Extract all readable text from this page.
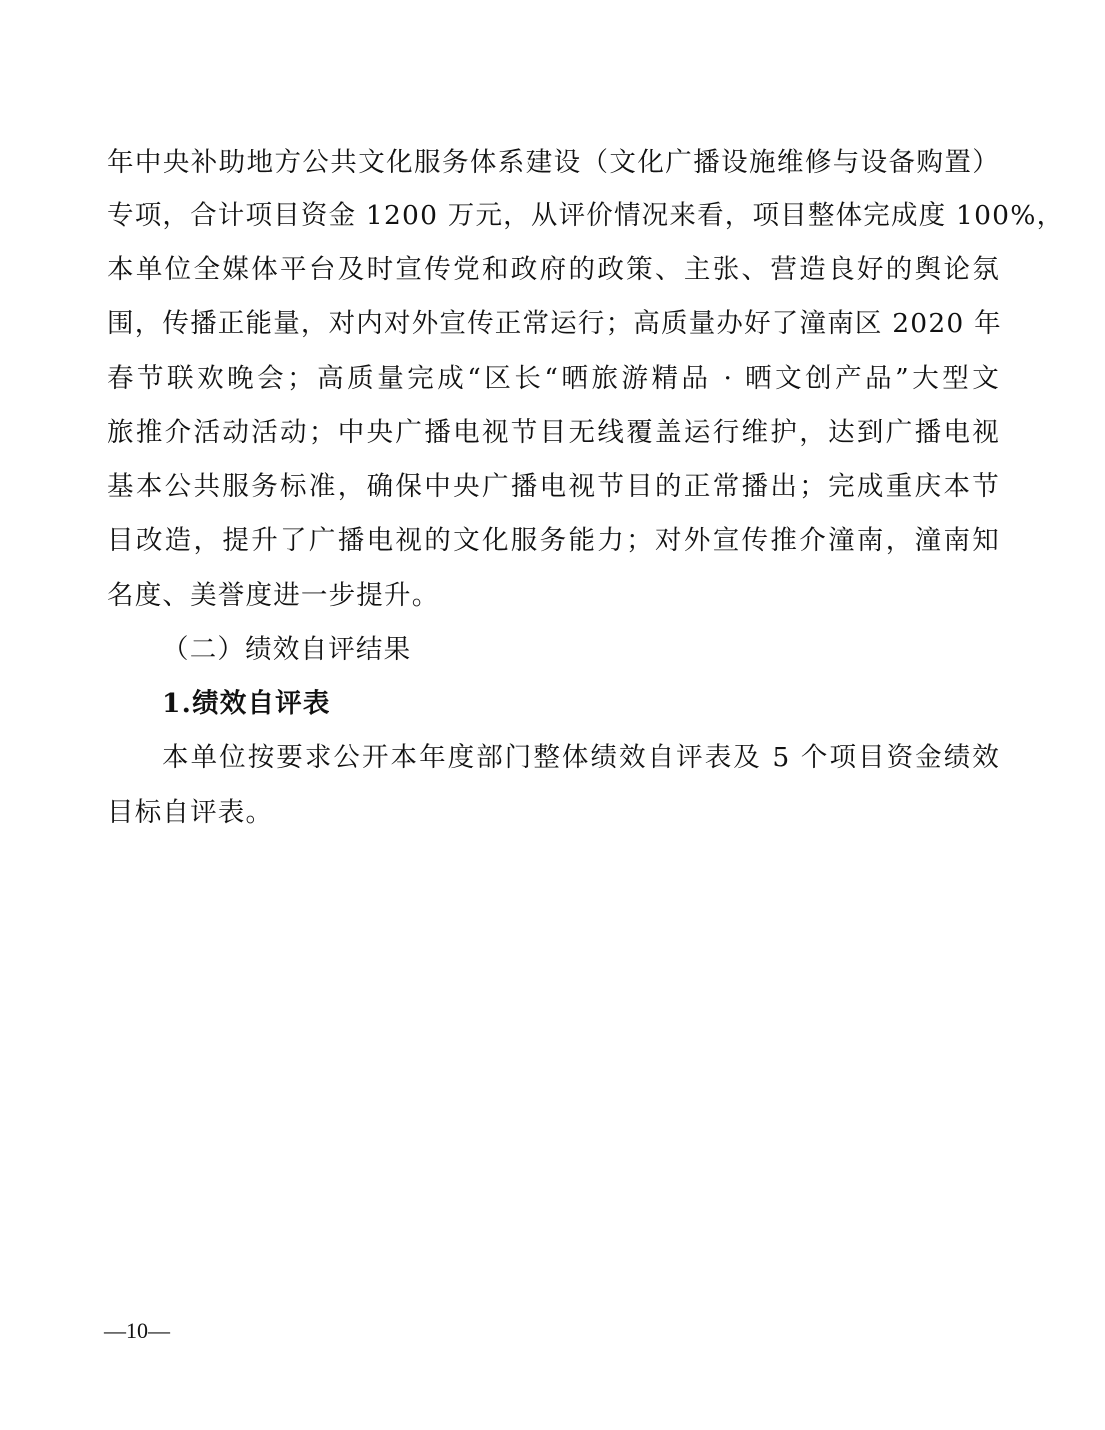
年中央补助地方公共文化服务体系建设（文化广播设施维修与设备购置）
专项，合计项目资金 1200 万元，从评价情况来看，项目整体完成度 100%，
本单位全媒体平台及时宣传党和政府的政策、主张、营造良好的舆论氛
围，传播正能量，对内对外宣传正常运行；高质量办好了潼南区 2020 年
春节联欢晚会；高质量完成“区长“晒旅游精品 · 晒文创产品”大型文
旅推介活动活动；中央广播电视节目无线覆盖运行维护，达到广播电视
基本公共服务标准，确保中央广播电视节目的正常播出；完成重庆本节
目改造，提升了广播电视的文化服务能力；对外宣传推介潼南，潼南知
名度、美誉度进一步提升。
（二）绩效自评结果
1.绩效自评表
本单位按要求公开本年度部门整体绩效自评表及 5 个项目资金绩效
目标自评表。
—10—
